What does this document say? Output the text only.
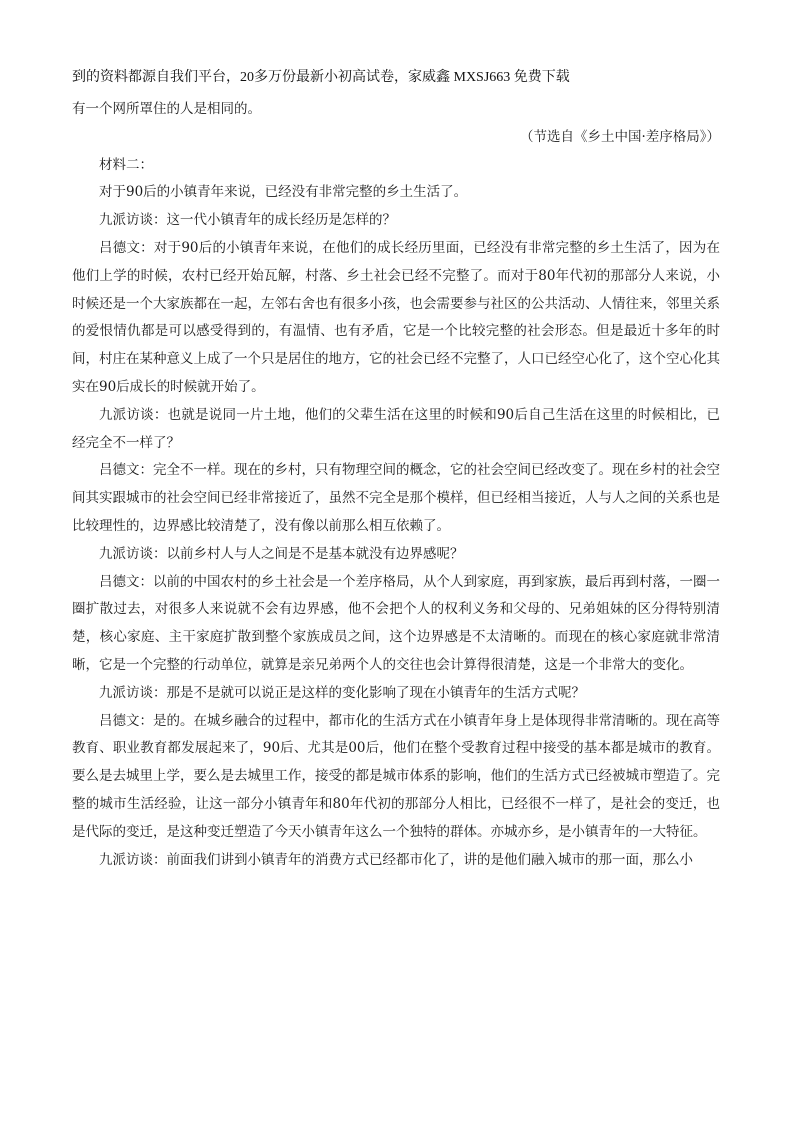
到的资料都源自我们平台，20多万份最新小初高试卷，家威鑫 MXSJ663 免费下载

有一个网所罩住的人是相同的。

（节选自《乡土中国·差序格局》）

材料二：

对于90后的小镇青年来说，已经没有非常完整的乡土生活了。

九派访谈：这一代小镇青年的成长经历是怎样的？

吕德文：对于90后的小镇青年来说，在他们的成长经历里面，已经没有非常完整的乡土生活了，因为在他们上学的时候，农村已经开始瓦解，村落、乡土社会已经不完整了。而对于80年代初的那部分人来说，小时候还是一个大家族都在一起，左邻右舍也有很多小孩，也会需要参与社区的公共活动、人情往来，邻里关系的爱恨情仇都是可以感受得到的，有温情、也有矛盾，它是一个比较完整的社会形态。但是最近十多年的时间，村庄在某种意义上成了一个只是居住的地方，它的社会已经不完整了，人口已经空心化了，这个空心化其实在90后成长的时候就开始了。

九派访谈：也就是说同一片土地，他们的父辈生活在这里的时候和90后自己生活在这里的时候相比，已经完全不一样了？

吕德文：完全不一样。现在的乡村，只有物理空间的概念，它的社会空间已经改变了。现在乡村的社会空间其实跟城市的社会空间已经非常接近了，虽然不完全是那个模样，但已经相当接近，人与人之间的关系也是比较理性的，边界感比较清楚了，没有像以前那么相互依赖了。

九派访谈：以前乡村人与人之间是不是基本就没有边界感呢？

吕德文：以前的中国农村的乡土社会是一个差序格局，从个人到家庭，再到家族，最后再到村落，一圈一圈扩散过去，对很多人来说就不会有边界感，他不会把个人的权利义务和父母的、兄弟姐妹的区分得特别清楚，核心家庭、主干家庭扩散到整个家族成员之间，这个边界感是不太清晰的。而现在的核心家庭就非常清晰，它是一个完整的行动单位，就算是亲兄弟两个人的交往也会计算得很清楚，这是一个非常大的变化。

九派访谈：那是不是就可以说正是这样的变化影响了现在小镇青年的生活方式呢？

吕德文：是的。在城乡融合的过程中，都市化的生活方式在小镇青年身上是体现得非常清晰的。现在高等教育、职业教育都发展起来了，90后、尤其是00后，他们在整个受教育过程中接受的基本都是城市的教育。要么是去城里上学，要么是去城里工作，接受的都是城市体系的影响，他们的生活方式已经被城市塑造了。完整的城市生活经验，让这一部分小镇青年和80年代初的那部分人相比，已经很不一样了，是社会的变迁，也是代际的变迁，是这种变迁塑造了今天小镇青年这么一个独特的群体。亦城亦乡，是小镇青年的一大特征。

九派访谈：前面我们讲到小镇青年的消费方式已经都市化了，讲的是他们融入城市的那一面，那么小
